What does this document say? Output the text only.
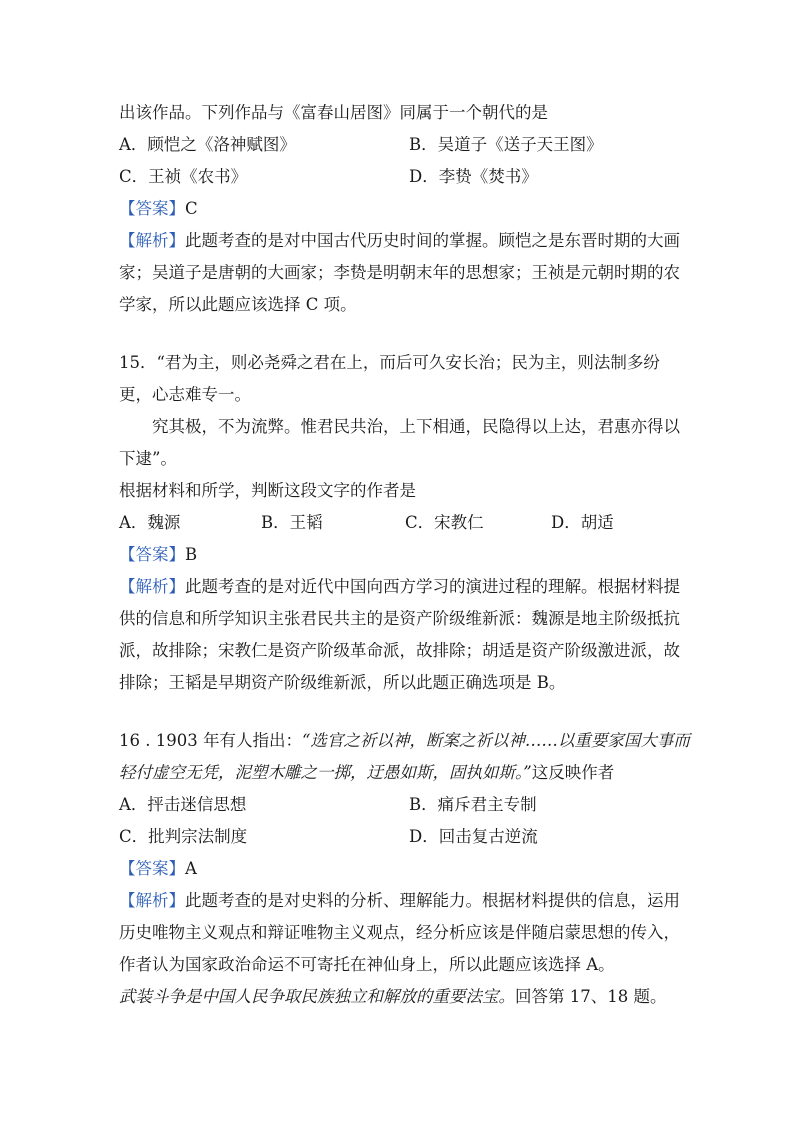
出该作品。下列作品与《富春山居图》同属于一个朝代的是
A．顾恺之《洛神赋图》	B．吴道子《送子天王图》
C．王祯《农书》	D．李贽《焚书》
【答案】C
【解析】此题考查的是对中国古代历史时间的掌握。顾恺之是东晋时期的大画
家；吴道子是唐朝的大画家；李贽是明朝末年的思想家；王祯是元朝时期的农
学家，所以此题应该选择 C 项。
15．“君为主，则必尧舜之君在上，而后可久安长治；民为主，则法制多纷
更，心志难专一。
究其极，不为流弊。惟君民共治，上下相通，民隐得以上达，君惠亦得以
下逮”。
根据材料和所学，判断这段文字的作者是
A．魏源	B．王韬	C．宋教仁	D．胡适
【答案】B
【解析】此题考查的是对近代中国向西方学习的演进过程的理解。根据材料提
供的信息和所学知识主张君民共主的是资产阶级维新派：魏源是地主阶级抵抗
派，故排除；宋教仁是资产阶级革命派，故排除；胡适是资产阶级激进派，故
排除；王韬是早期资产阶级维新派，所以此题正确选项是 B。
16 . 1903 年有人指出：“选官之祈以神，断案之祈以神……以重要家国大事而
轻付虚空无凭，泥塑木雕之一掷，迂愚如斯，固执如斯。”这反映作者
A．抨击迷信思想	B．痛斥君主专制
C．批判宗法制度	D．回击复古逆流
【答案】A
【解析】此题考查的是对史料的分析、理解能力。根据材料提供的信息，运用
历史唯物主义观点和辩证唯物主义观点，经分析应该是伴随启蒙思想的传入，
作者认为国家政治命运不可寄托在神仙身上，所以此题应该选择 A。
武装斗争是中国人民争取民族独立和解放的重要法宝。回答第 17、18 题。
